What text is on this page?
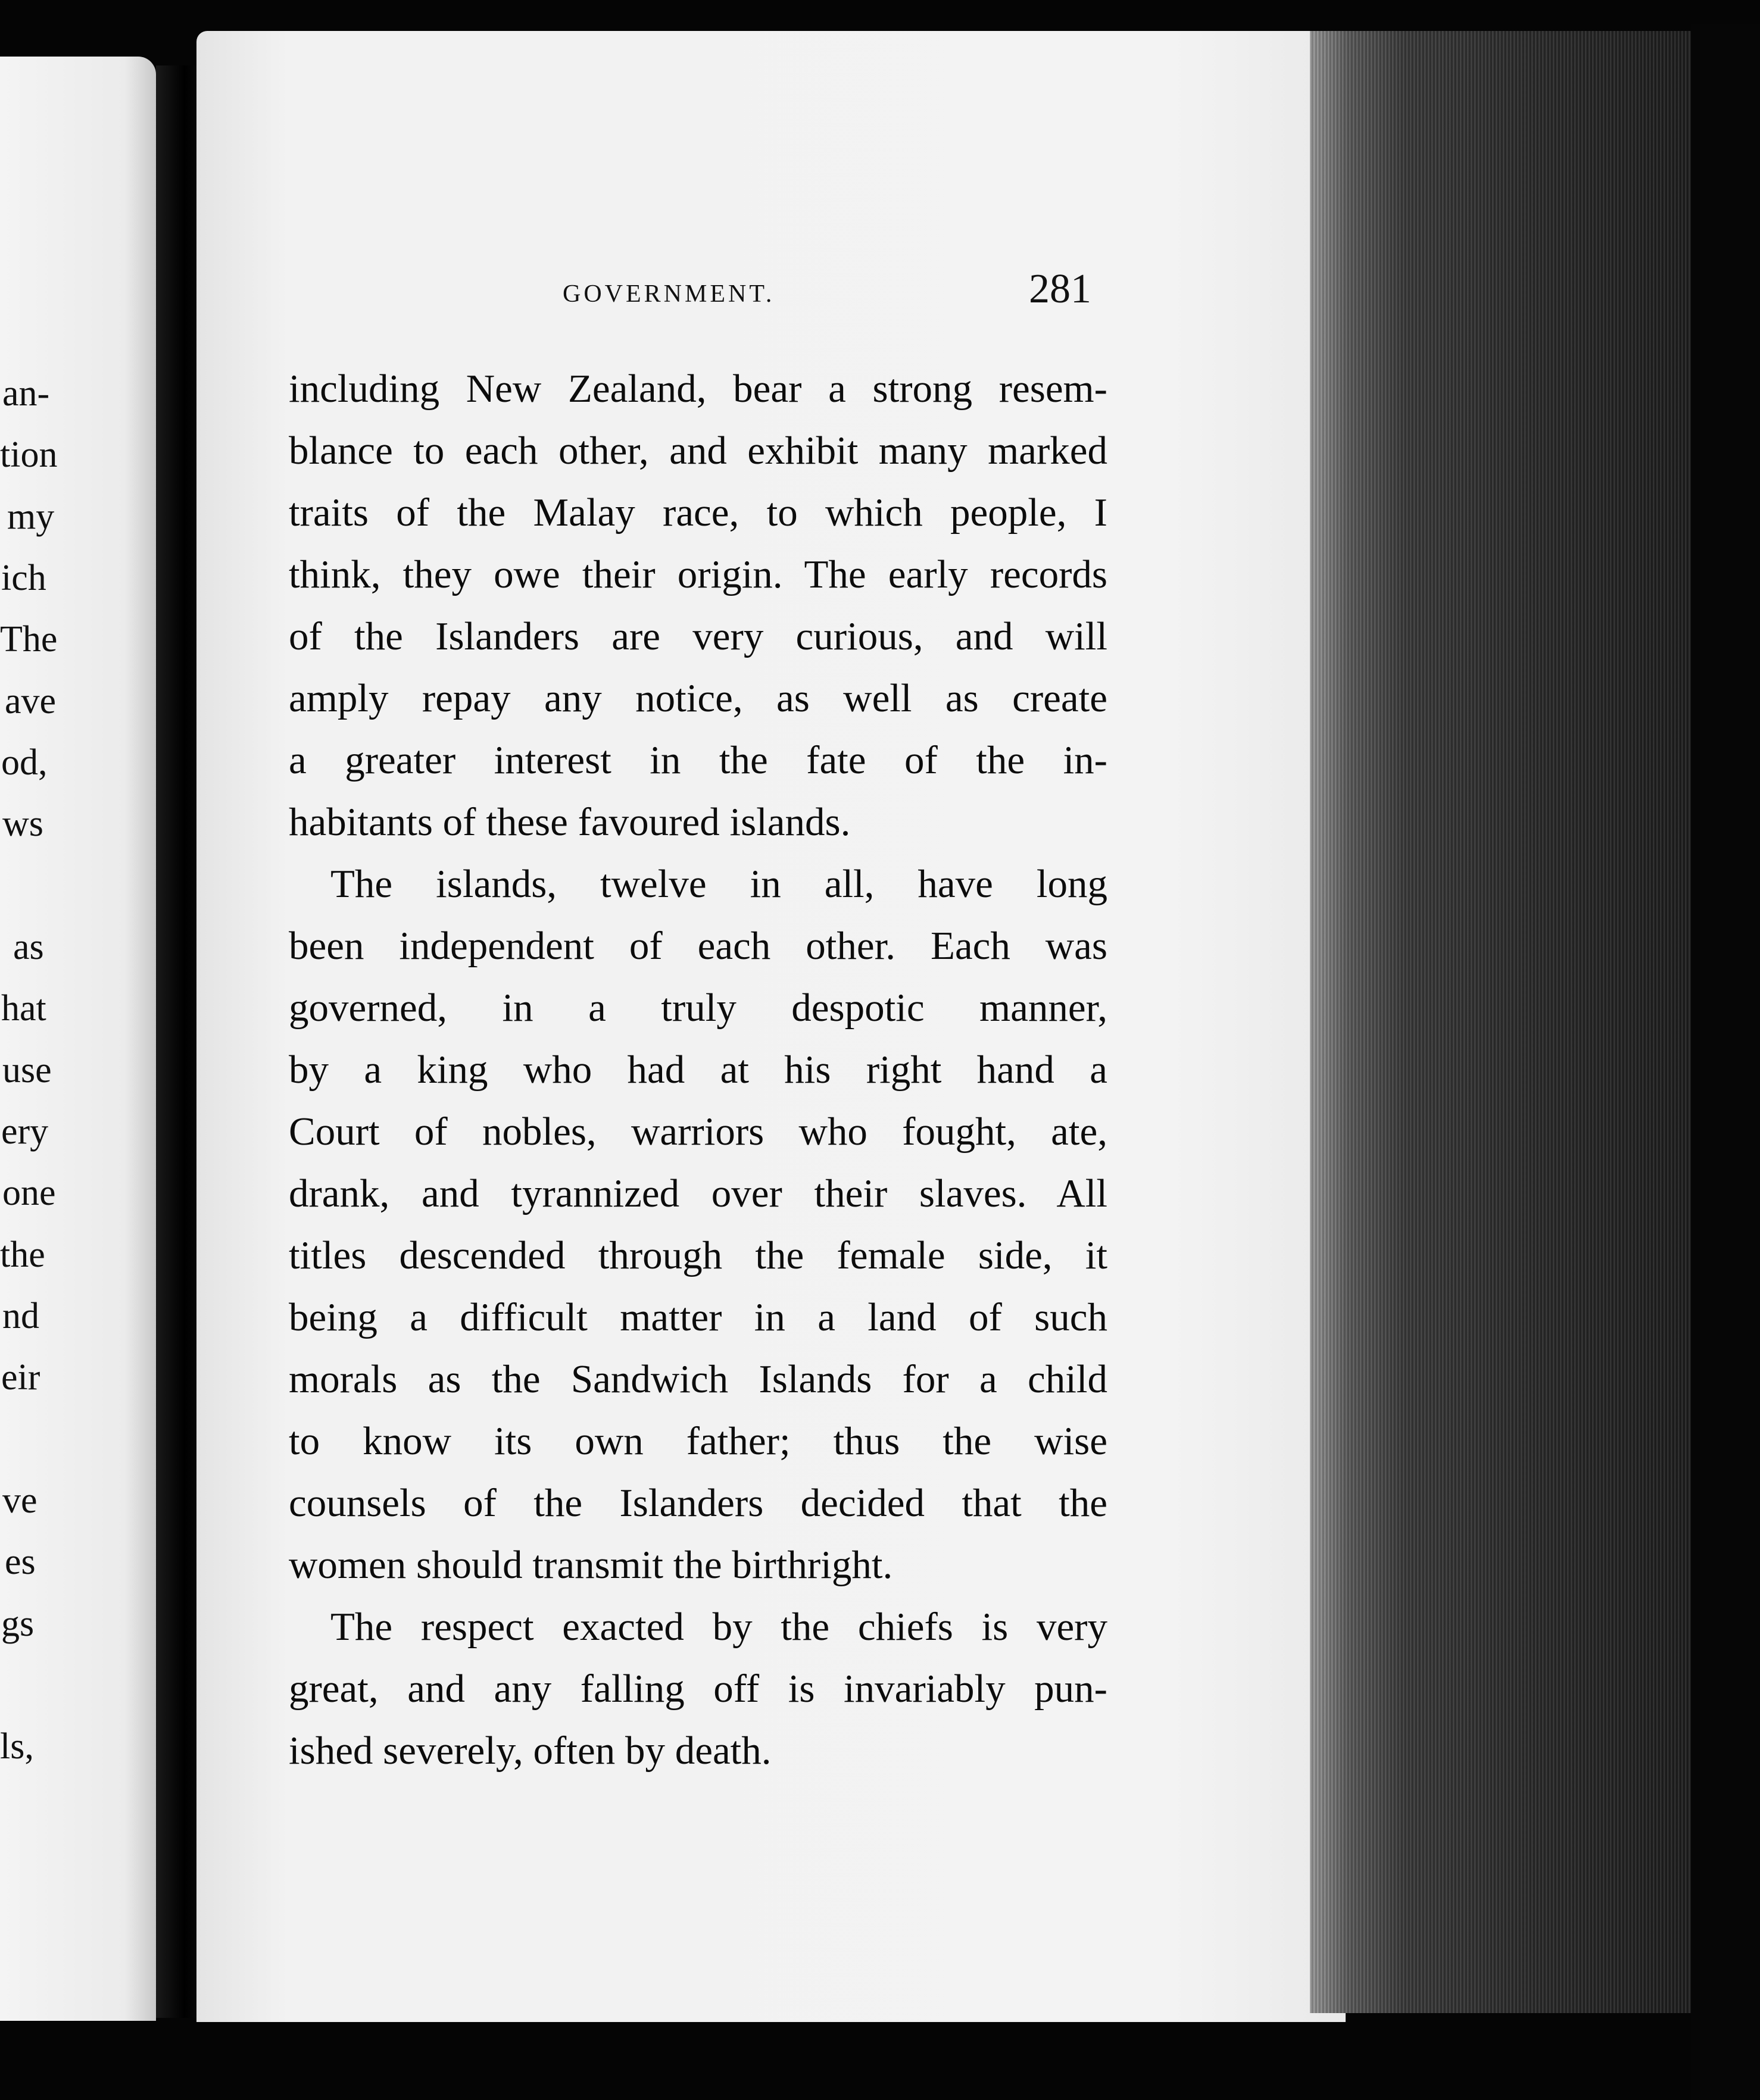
an-
tion
my
ich
The
ave
od,
ws
as
hat
use
ery
one
the
nd
eir
ve
es
gs
ls,
GOVERNMENT.	281
including New Zealand, bear a strong resem-
blance to each other, and exhibit many marked
traits of the Malay race, to which people, I
think, they owe their origin. The early records
of the Islanders are very curious, and will
amply repay any notice, as well as create
a greater interest in the fate of the in-
habitants of these favoured islands.
The islands, twelve in all, have long
been independent of each other. Each was
governed, in a truly despotic manner,
by a king who had at his right hand a
Court of nobles, warriors who fought, ate,
drank, and tyrannized over their slaves. All
titles descended through the female side, it
being a difficult matter in a land of such
morals as the Sandwich Islands for a child
to know its own father; thus the wise
counsels of the Islanders decided that the
women should transmit the birthright.
The respect exacted by the chiefs is very
great, and any falling off is invariably pun-
ished severely, often by death.
